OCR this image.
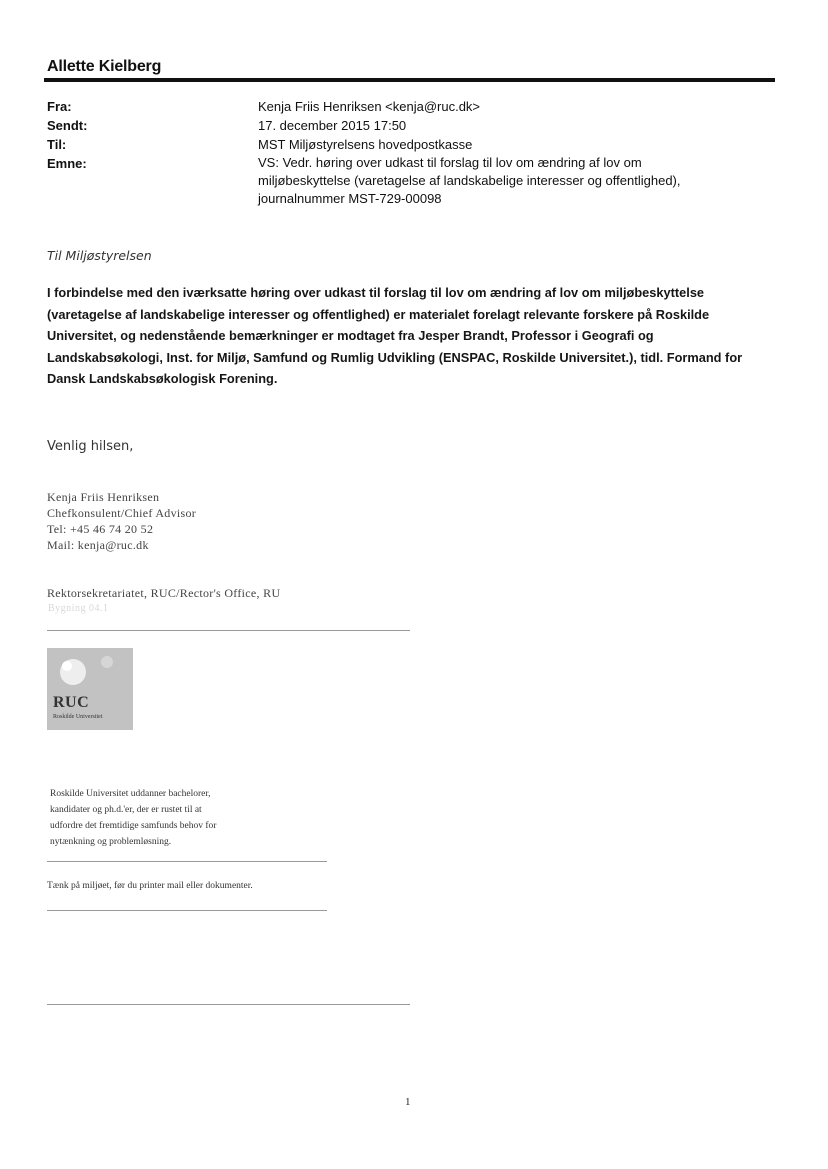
Allette Kielberg
Fra:	Kenja Friis Henriksen <kenja@ruc.dk>
Sendt:	17. december 2015 17:50
Til:	MST Miljøstyrelsens hovedpostkasse
Emne:	VS: Vedr. høring over udkast til forslag til lov om ændring af lov om
miljøbeskyttelse (varetagelse af landskabelige interesser og offentlighed),
journalnummer MST-729-00098
Til Miljøstyrelsen
I forbindelse med den iværksatte høring over udkast til forslag til lov om ændring af lov om miljøbeskyttelse
(varetagelse af landskabelige interesser og offentlighed) er materialet forelagt relevante forskere på Roskilde
Universitet, og nedenstående bemærkninger er modtaget fra Jesper Brandt, Professor i Geografi og
Landskabsøkologi, Inst. for Miljø, Samfund og Rumlig Udvikling (ENSPAC, Roskilde Universitet.), tidl. Formand for
Dansk Landskabsøkologisk Forening.
Venlig hilsen,
Kenja Friis Henriksen
Chefkonsulent/Chief Advisor
Tel: +45 46 74 20 52
Mail: kenja@ruc.dk
Rektorsekretariatet, RUC/Rector's Office, RU
Bygning 04.1
RUC
Roskilde Universitet
Roskilde Universitet uddanner bachelorer,
kandidater og ph.d.'er, der er rustet til at
udfordre det fremtidige samfunds behov for
nytænkning og problemløsning.
Tænk på miljøet, før du printer mail eller dokumenter.
1
